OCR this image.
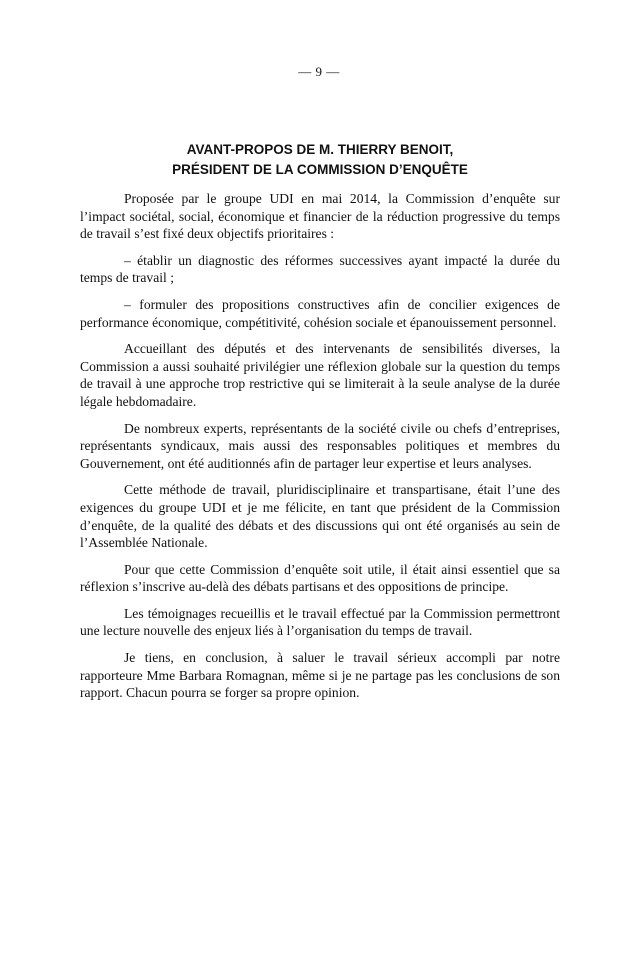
— 9 —
AVANT-PROPOS DE M. THIERRY BENOIT,
PRÉSIDENT DE LA COMMISSION D’ENQUÊTE

Proposée par le groupe UDI en mai 2014, la Commission d’enquête sur l’impact sociétal, social, économique et financier de la réduction progressive du temps de travail s’est fixé deux objectifs prioritaires :

– établir un diagnostic des réformes successives ayant impacté la durée du temps de travail ;

– formuler des propositions constructives afin de concilier exigences de performance économique, compétitivité, cohésion sociale et épanouissement personnel.

Accueillant des députés et des intervenants de sensibilités diverses, la Commission a aussi souhaité privilégier une réflexion globale sur la question du temps de travail à une approche trop restrictive qui se limiterait à la seule analyse de la durée légale hebdomadaire.

De nombreux experts, représentants de la société civile ou chefs d’entreprises, représentants syndicaux, mais aussi des responsables politiques et membres du Gouvernement, ont été auditionnés afin de partager leur expertise et leurs analyses.

Cette méthode de travail, pluridisciplinaire et transpartisane, était l’une des exigences du groupe UDI et je me félicite, en tant que président de la Commission d’enquête, de la qualité des débats et des discussions qui ont été organisés au sein de l’Assemblée Nationale.

Pour que cette Commission d’enquête soit utile, il était ainsi essentiel que sa réflexion s’inscrive au-delà des débats partisans et des oppositions de principe.

Les témoignages recueillis et le travail effectué par la Commission permettront une lecture nouvelle des enjeux liés à l’organisation du temps de travail.

Je tiens, en conclusion, à saluer le travail sérieux accompli par notre rapporteure Mme Barbara Romagnan, même si je ne partage pas les conclusions de son rapport. Chacun pourra se forger sa propre opinion.
